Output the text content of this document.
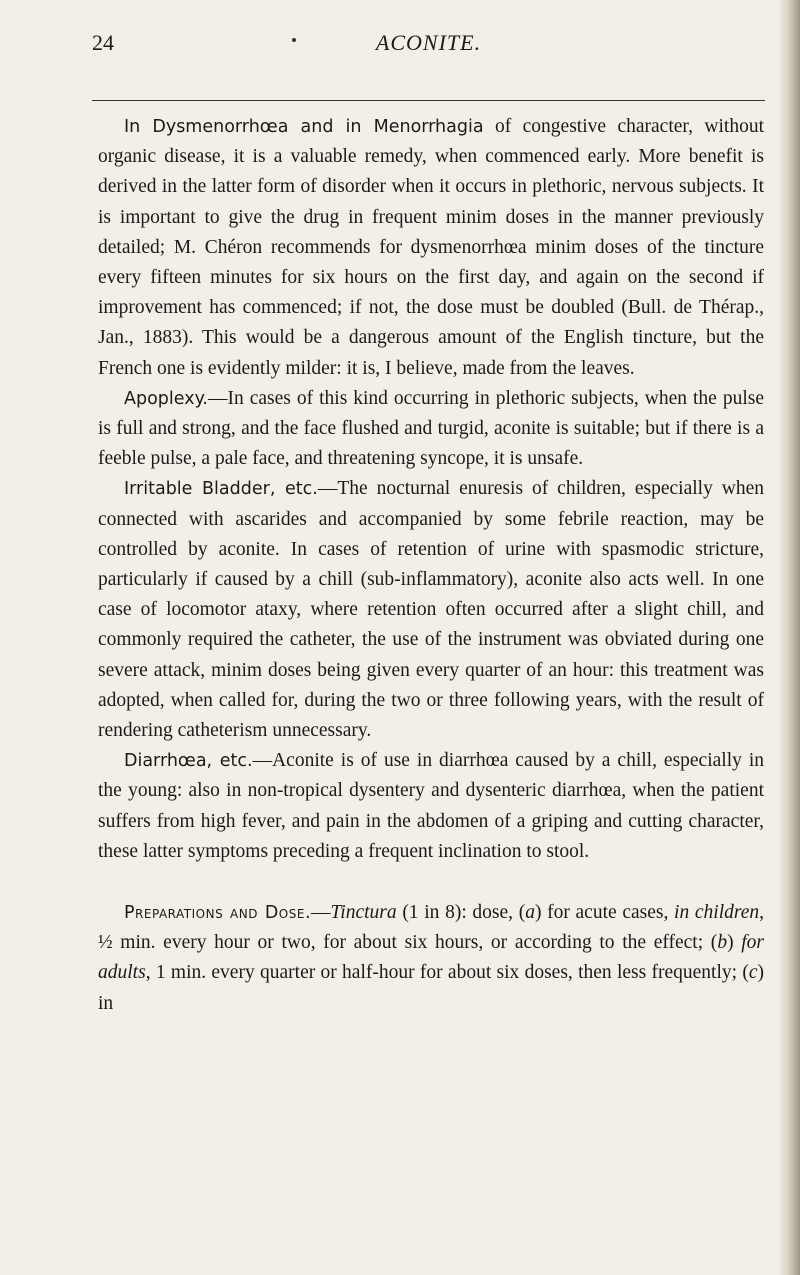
24	ACONITE.

In Dysmenorrhœa and in Menorrhagia of congestive character, without organic disease, it is a valuable remedy, when commenced early. More benefit is derived in the latter form of disorder when it occurs in plethoric, nervous subjects. It is important to give the drug in frequent minim doses in the manner previously detailed; M. Chéron recommends for dysmenorrhœa minim doses of the tincture every fifteen minutes for six hours on the first day, and again on the second if improvement has commenced; if not, the dose must be doubled (Bull. de Thérap., Jan., 1883). This would be a dangerous amount of the English tincture, but the French one is evidently milder: it is, I believe, made from the leaves.

Apoplexy.—In cases of this kind occurring in plethoric subjects, when the pulse is full and strong, and the face flushed and turgid, aconite is suitable; but if there is a feeble pulse, a pale face, and threatening syncope, it is unsafe.

Irritable Bladder, etc.—The nocturnal enuresis of children, especially when connected with ascarides and accompanied by some febrile reaction, may be controlled by aconite. In cases of retention of urine with spasmodic stricture, particularly if caused by a chill (sub-inflammatory), aconite also acts well. In one case of locomotor ataxy, where retention often occurred after a slight chill, and commonly required the catheter, the use of the instrument was obviated during one severe attack, minim doses being given every quarter of an hour: this treatment was adopted, when called for, during the two or three following years, with the result of rendering catheterism unnecessary.

Diarrhœa, etc.—Aconite is of use in diarrhœa caused by a chill, especially in the young: also in non-tropical dysentery and dysenteric diarrhœa, when the patient suffers from high fever, and pain in the abdomen of a griping and cutting character, these latter symptoms preceding a frequent inclination to stool.

Preparations and Dose.—Tinctura (1 in 8): dose, (a) for acute cases, in children, ½ min. every hour or two, for about six hours, or according to the effect; (b) for adults, 1 min. every quarter or half-hour for about six doses, then less frequently; (c) in
